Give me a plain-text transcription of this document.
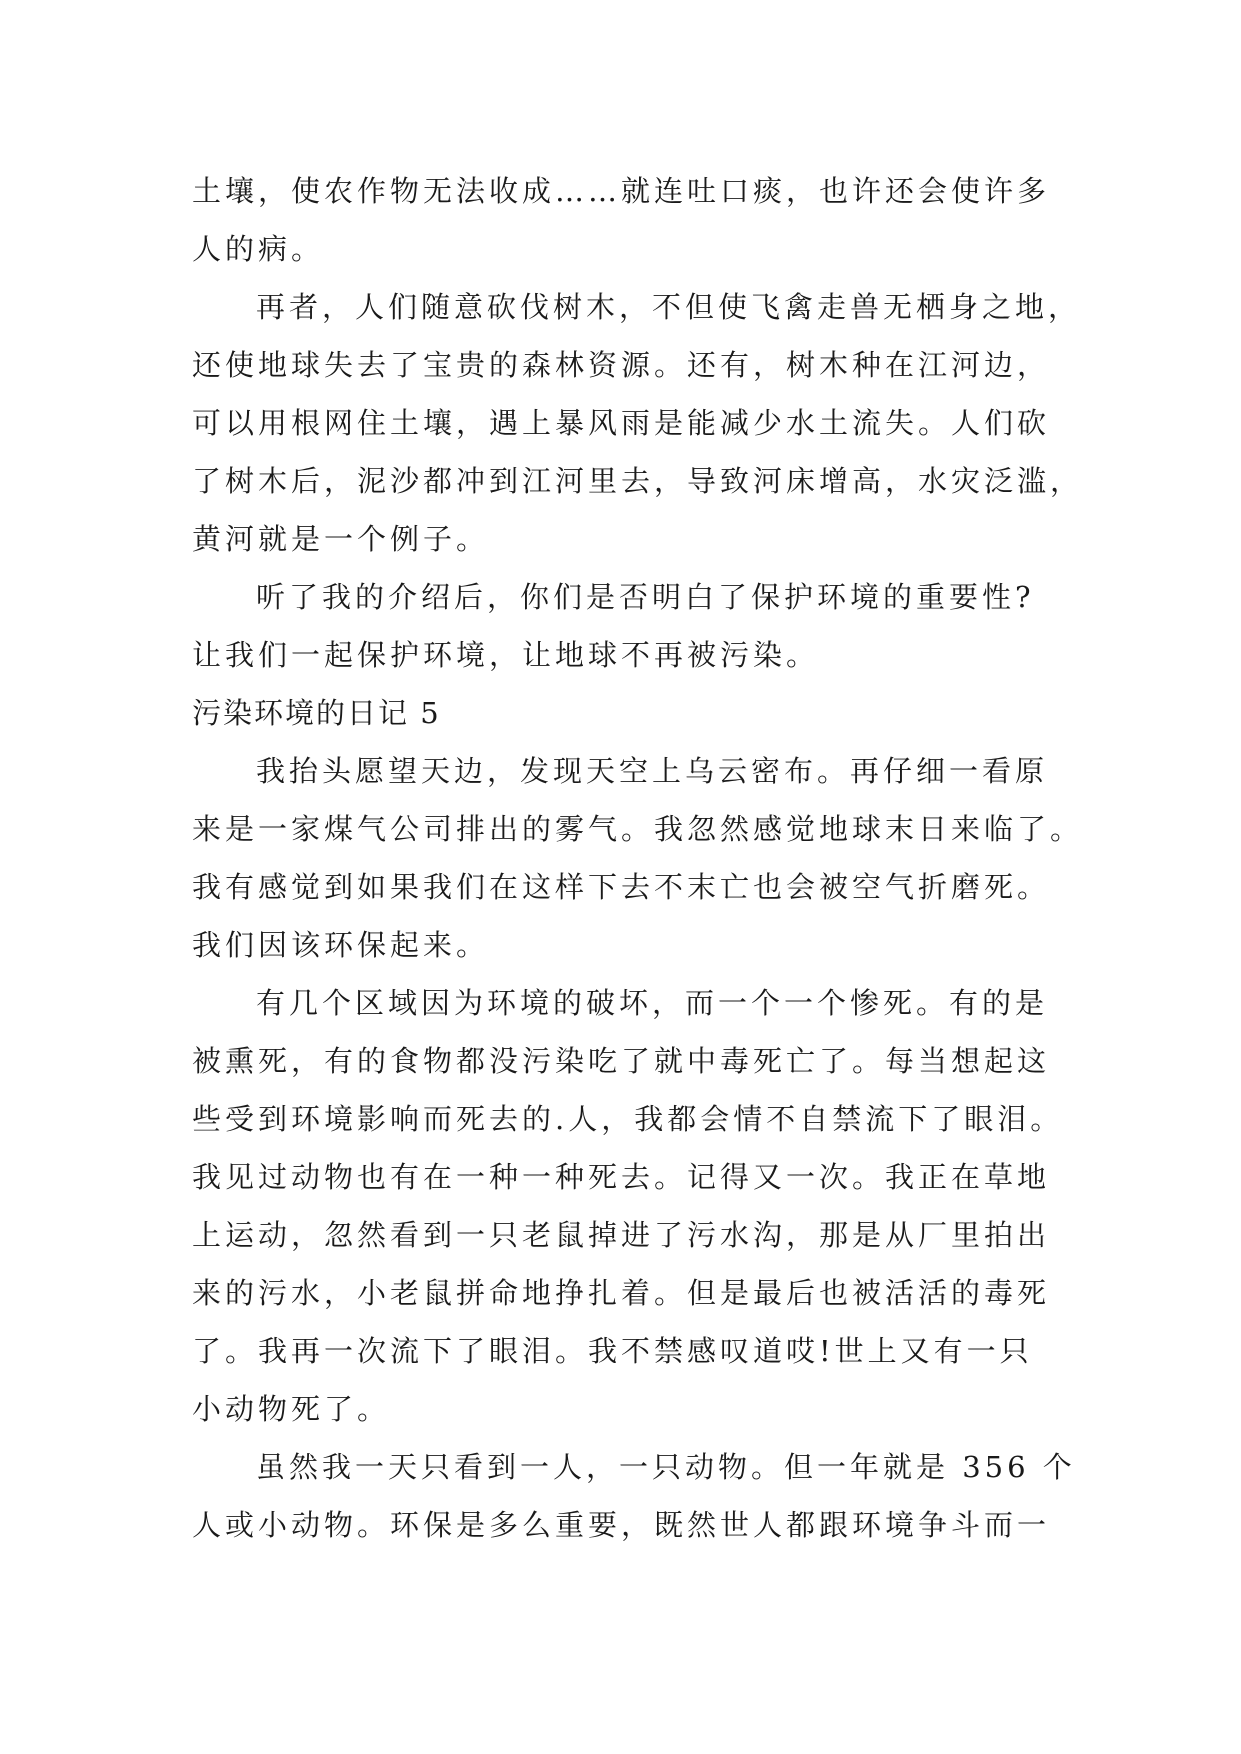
土壤，使农作物无法收成……就连吐口痰，也许还会使许多
人的病。
再者，人们随意砍伐树木，不但使飞禽走兽无栖身之地，
还使地球失去了宝贵的森林资源。还有，树木种在江河边，
可以用根网住土壤，遇上暴风雨是能减少水土流失。人们砍
了树木后，泥沙都冲到江河里去，导致河床增高，水灾泛滥，
黄河就是一个例子。
听了我的介绍后，你们是否明白了保护环境的重要性?
让我们一起保护环境，让地球不再被污染。
污染环境的日记 5
我抬头愿望天边，发现天空上乌云密布。再仔细一看原
来是一家煤气公司排出的雾气。我忽然感觉地球末日来临了。
我有感觉到如果我们在这样下去不末亡也会被空气折磨死。
我们因该环保起来。
有几个区域因为环境的破坏，而一个一个惨死。有的是
被熏死，有的食物都没污染吃了就中毒死亡了。每当想起这
些受到环境影响而死去的.人，我都会情不自禁流下了眼泪。
我见过动物也有在一种一种死去。记得又一次。我正在草地
上运动，忽然看到一只老鼠掉进了污水沟，那是从厂里拍出
来的污水，小老鼠拼命地挣扎着。但是最后也被活活的毒死
了。我再一次流下了眼泪。我不禁感叹道哎!世上又有一只
小动物死了。
虽然我一天只看到一人，一只动物。但一年就是 356 个
人或小动物。环保是多么重要，既然世人都跟环境争斗而一
